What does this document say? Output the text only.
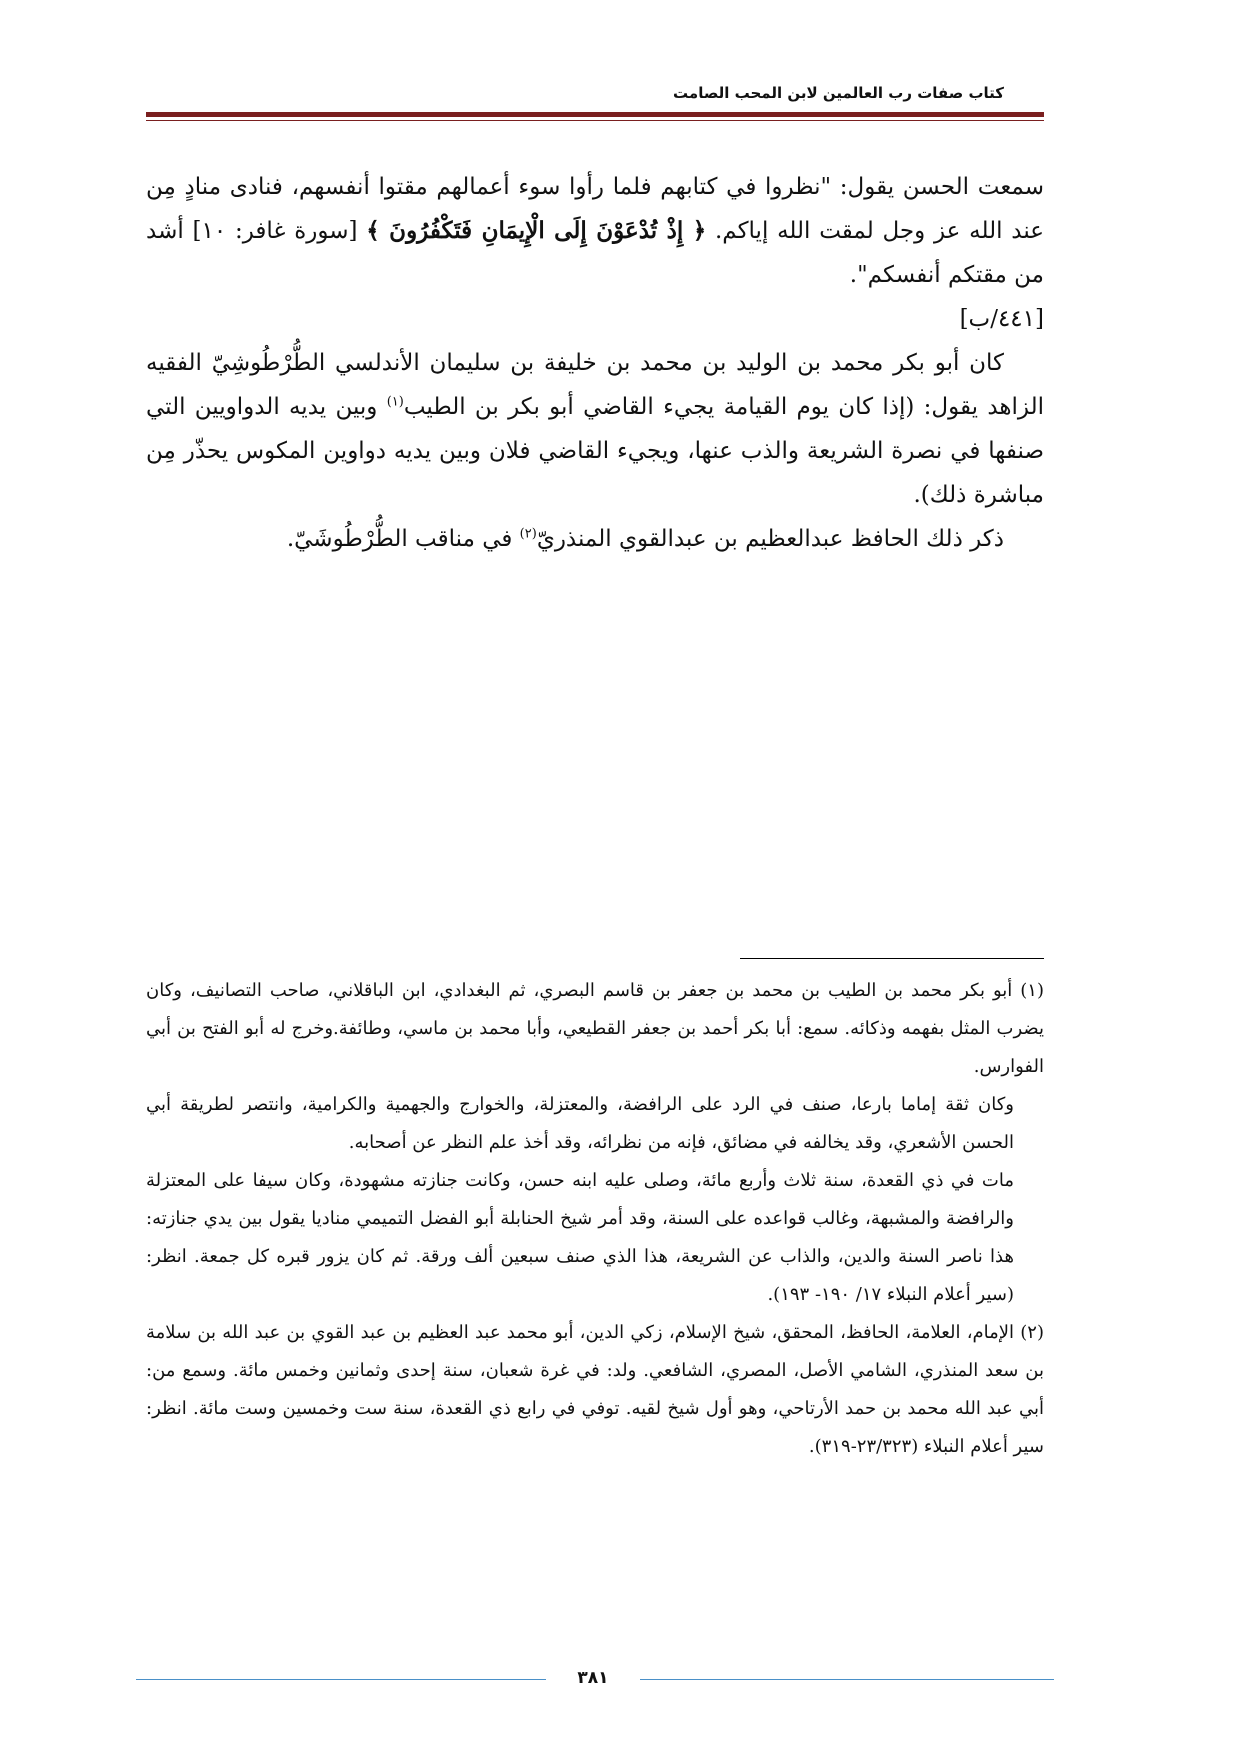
كتاب صفات رب العالمين لابن المحب الصامت

سمعت الحسن يقول: "نظروا في كتابهم فلما رأوا سوء أعمالهم مقتوا أنفسهم، فنادى منادٍ مِن عند الله عز وجل لمقت الله إياكم. ﴿ إِذْ تُدْعَوْنَ إِلَى الْإِيمَانِ فَتَكْفُرُونَ ﴾ [سورة غافر: ١٠] أشد من مقتكم أنفسكم".

[٤٤١/ب]

كان أبو بكر محمد بن الوليد بن محمد بن خليفة بن سليمان الأندلسي الطُّرْطُوشِيّ الفقيه الزاهد يقول: (إذا كان يوم القيامة يجيء القاضي أبو بكر بن الطيب$^{(١)}$ وبين يديه الدواويين التي صنفها في نصرة الشريعة والذب عنها، ويجيء القاضي فلان وبين يديه دواوين المكوس يحذّر مِن مباشرة ذلك).

ذكر ذلك الحافظ عبدالعظيم بن عبدالقوي المنذريّ$^{(٢)}$ في مناقب الطُّرْطُوشَيّ.

(١) أبو بكر محمد بن الطيب بن محمد بن جعفر بن قاسم البصري، ثم البغدادي، ابن الباقلاني، صاحب التصانيف، وكان يضرب المثل بفهمه وذكائه. سمع: أبا بكر أحمد بن جعفر القطيعي، وأبا محمد بن ماسي، وطائفة.وخرج له أبو الفتح بن أبي الفوارس.

وكان ثقة إماما بارعا، صنف في الرد على الرافضة، والمعتزلة، والخوارج والجهمية والكرامية، وانتصر لطريقة أبي الحسن الأشعري، وقد يخالفه في مضائق، فإنه من نظرائه، وقد أخذ علم النظر عن أصحابه.

مات في ذي القعدة، سنة ثلاث وأربع مائة، وصلى عليه ابنه حسن، وكانت جنازته مشهودة، وكان سيفا على المعتزلة والرافضة والمشبهة، وغالب قواعده على السنة، وقد أمر شيخ الحنابلة أبو الفضل التميمي مناديا يقول بين يدي جنازته: هذا ناصر السنة والدين، والذاب عن الشريعة، هذا الذي صنف سبعين ألف ورقة. ثم كان يزور قبره كل جمعة. انظر: (سير أعلام النبلاء ١٧/ ١٩٠- ١٩٣).

(٢) الإمام، العلامة، الحافظ، المحقق، شيخ الإسلام، زكي الدين، أبو محمد عبد العظيم بن عبد القوي بن عبد الله بن سلامة بن سعد المنذري، الشامي الأصل، المصري، الشافعي. ولد: في غرة شعبان، سنة إحدى وثمانين وخمس مائة. وسمع من: أبي عبد الله محمد بن حمد الأرتاحي، وهو أول شيخ لقيه. توفي في رابع ذي القعدة، سنة ست وخمسين وست مائة. انظر: سير أعلام النبلاء (٢٣/٣٢٣-٣١٩).

٣٨١
